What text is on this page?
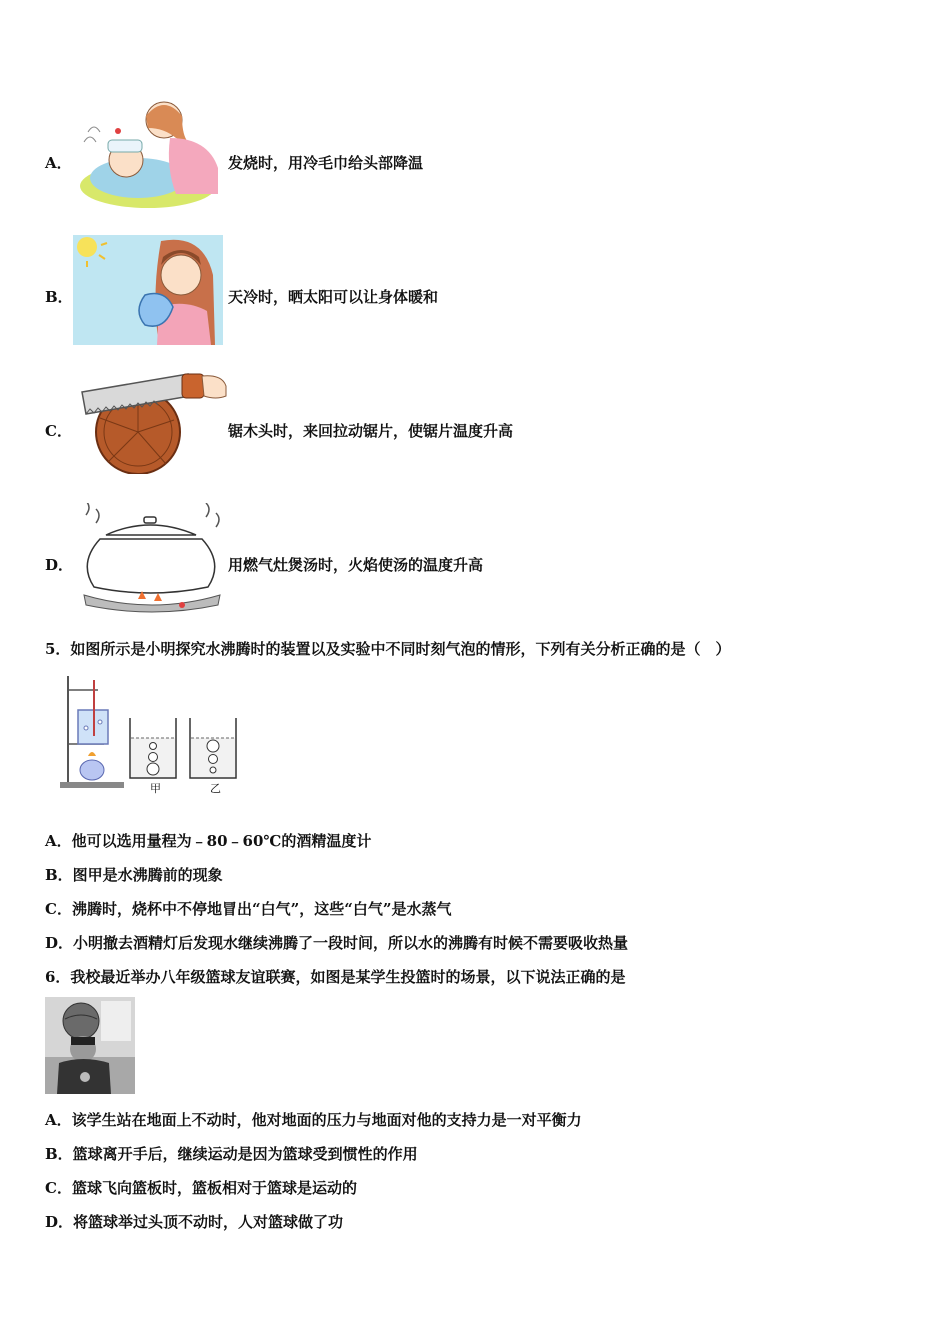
A．	发烧时，用冷毛巾给头部降温
B．	天冷时，晒太阳可以让身体暖和
C．	锯木头时，来回拉动锯片，使锯片温度升高
D．	用燃气灶煲汤时，火焰使汤的温度升高
5．如图所示是小明探究水沸腾时的装置以及实验中不同时刻气泡的情形，下列有关分析正确的是（　）
甲	乙
A．他可以选用量程为﹣80﹣60℃的酒精温度计
B．图甲是水沸腾前的现象
C．沸腾时，烧杯中不停地冒出“白气”，这些“白气”是水蒸气
D．小明撤去酒精灯后发现水继续沸腾了一段时间，所以水的沸腾有时候不需要吸收热量
6．我校最近举办八年级篮球友谊联赛，如图是某学生投篮时的场景，以下说法正确的是
A．该学生站在地面上不动时，他对地面的压力与地面对他的支持力是一对平衡力
B．篮球离开手后，继续运动是因为篮球受到惯性的作用
C．篮球飞向篮板时，篮板相对于篮球是运动的
D．将篮球举过头顶不动时，人对篮球做了功
